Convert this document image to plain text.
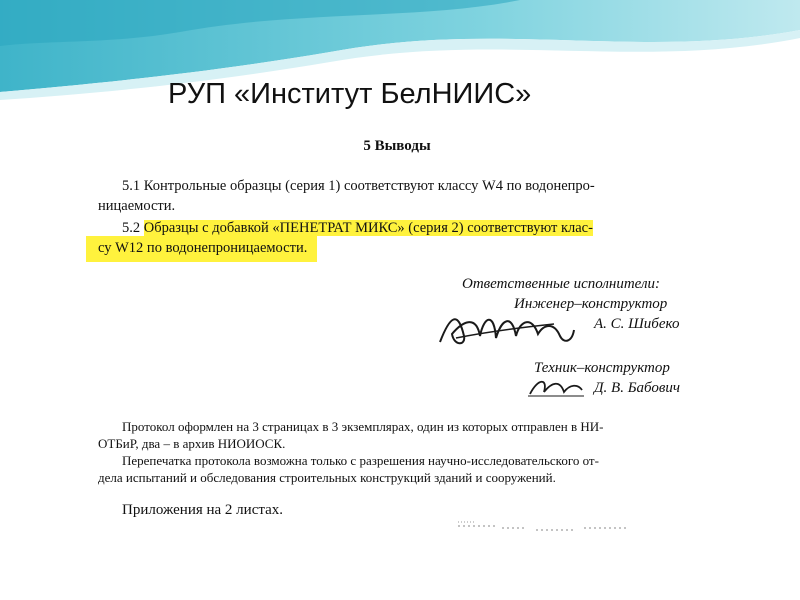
РУП «Институт БелНИИС»
5 Выводы
5.1 Контрольные образцы (серия 1) соответствуют классу W4 по водонепро-
ницаемости.
5.2 Образцы с добавкой «ПЕНЕТРАТ МИКС» (серия 2) соответствуют клас-
су W12 по водонепроницаемости.
Ответственные исполнители:
Инженер–конструктор
А. С. Шибеко
Техник–конструктор
Д. В. Бабович
Протокол оформлен на 3 страницах в 3 экземплярах, один из которых отправлен в НИ-
ОТБиР, два – в архив НИОИОСК.
Перепечатка протокола возможна только с разрешения научно-исследовательского от-
дела испытаний и обследования строительных конструкций зданий и сооружений.
Приложения на 2 листах.
